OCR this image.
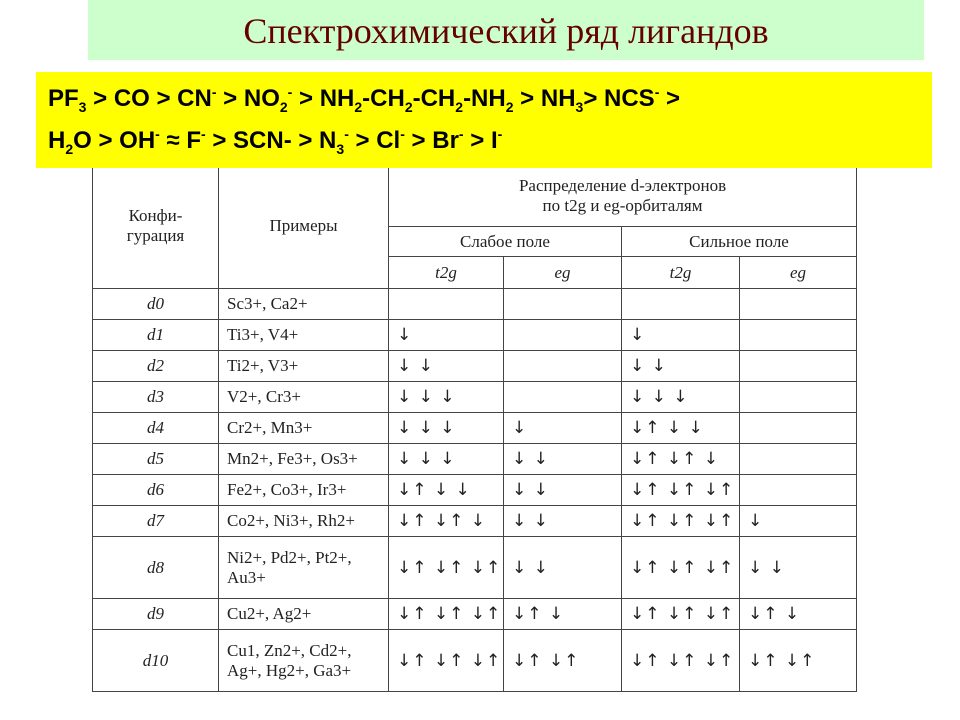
Спектрохимический ряд лигандов
$PF_3$ > CO > $CN^- > NO_2^- > NH_2-CH_2-CH_2-NH_2 > NH_3> NCS^-$ >
$H_2O > OH^- \approx F^- > SCN- > N_3^- > Cl^- > Br^- > I^-$
Конфи- гурация	Примеры	Распределение d-электронов
по t2g и eg-орбиталям			

		Слабое поле		Сильное поле	
		t2g	eg	t2g	eg
d0	Sc3+, Ca2+				
d1	Ti3+, V4+	↓		↓	
d2	Ti2+, V3+	↓ ↓		↓ ↓	
d3	V2+, Cr3+	↓ ↓ ↓		↓ ↓ ↓	
d4	Cr2+, Mn3+	↓ ↓ ↓	↓	↓↑ ↓ ↓	
d5	Mn2+, Fe3+, Os3+	↓ ↓ ↓	↓ ↓	↓↑ ↓↑ ↓	
d6	Fe2+, Co3+, Ir3+	↓↑ ↓ ↓	↓ ↓	↓↑ ↓↑ ↓↑	
d7	Co2+, Ni3+, Rh2+	↓↑ ↓↑ ↓	↓ ↓	↓↑ ↓↑ ↓↑	↓
d8	Ni2+, Pd2+, Pt2+, Au3+	↓↑ ↓↑ ↓↑	↓ ↓	↓↑ ↓↑ ↓↑	↓ ↓
d9	Cu2+, Ag2+	↓↑ ↓↑ ↓↑	↓↑ ↓	↓↑ ↓↑ ↓↑	↓↑ ↓
d10	Cu1, Zn2+, Cd2+, Ag+, Hg2+, Ga3+	↓↑ ↓↑ ↓↑	↓↑ ↓↑	↓↑ ↓↑ ↓↑	↓↑ ↓↑
